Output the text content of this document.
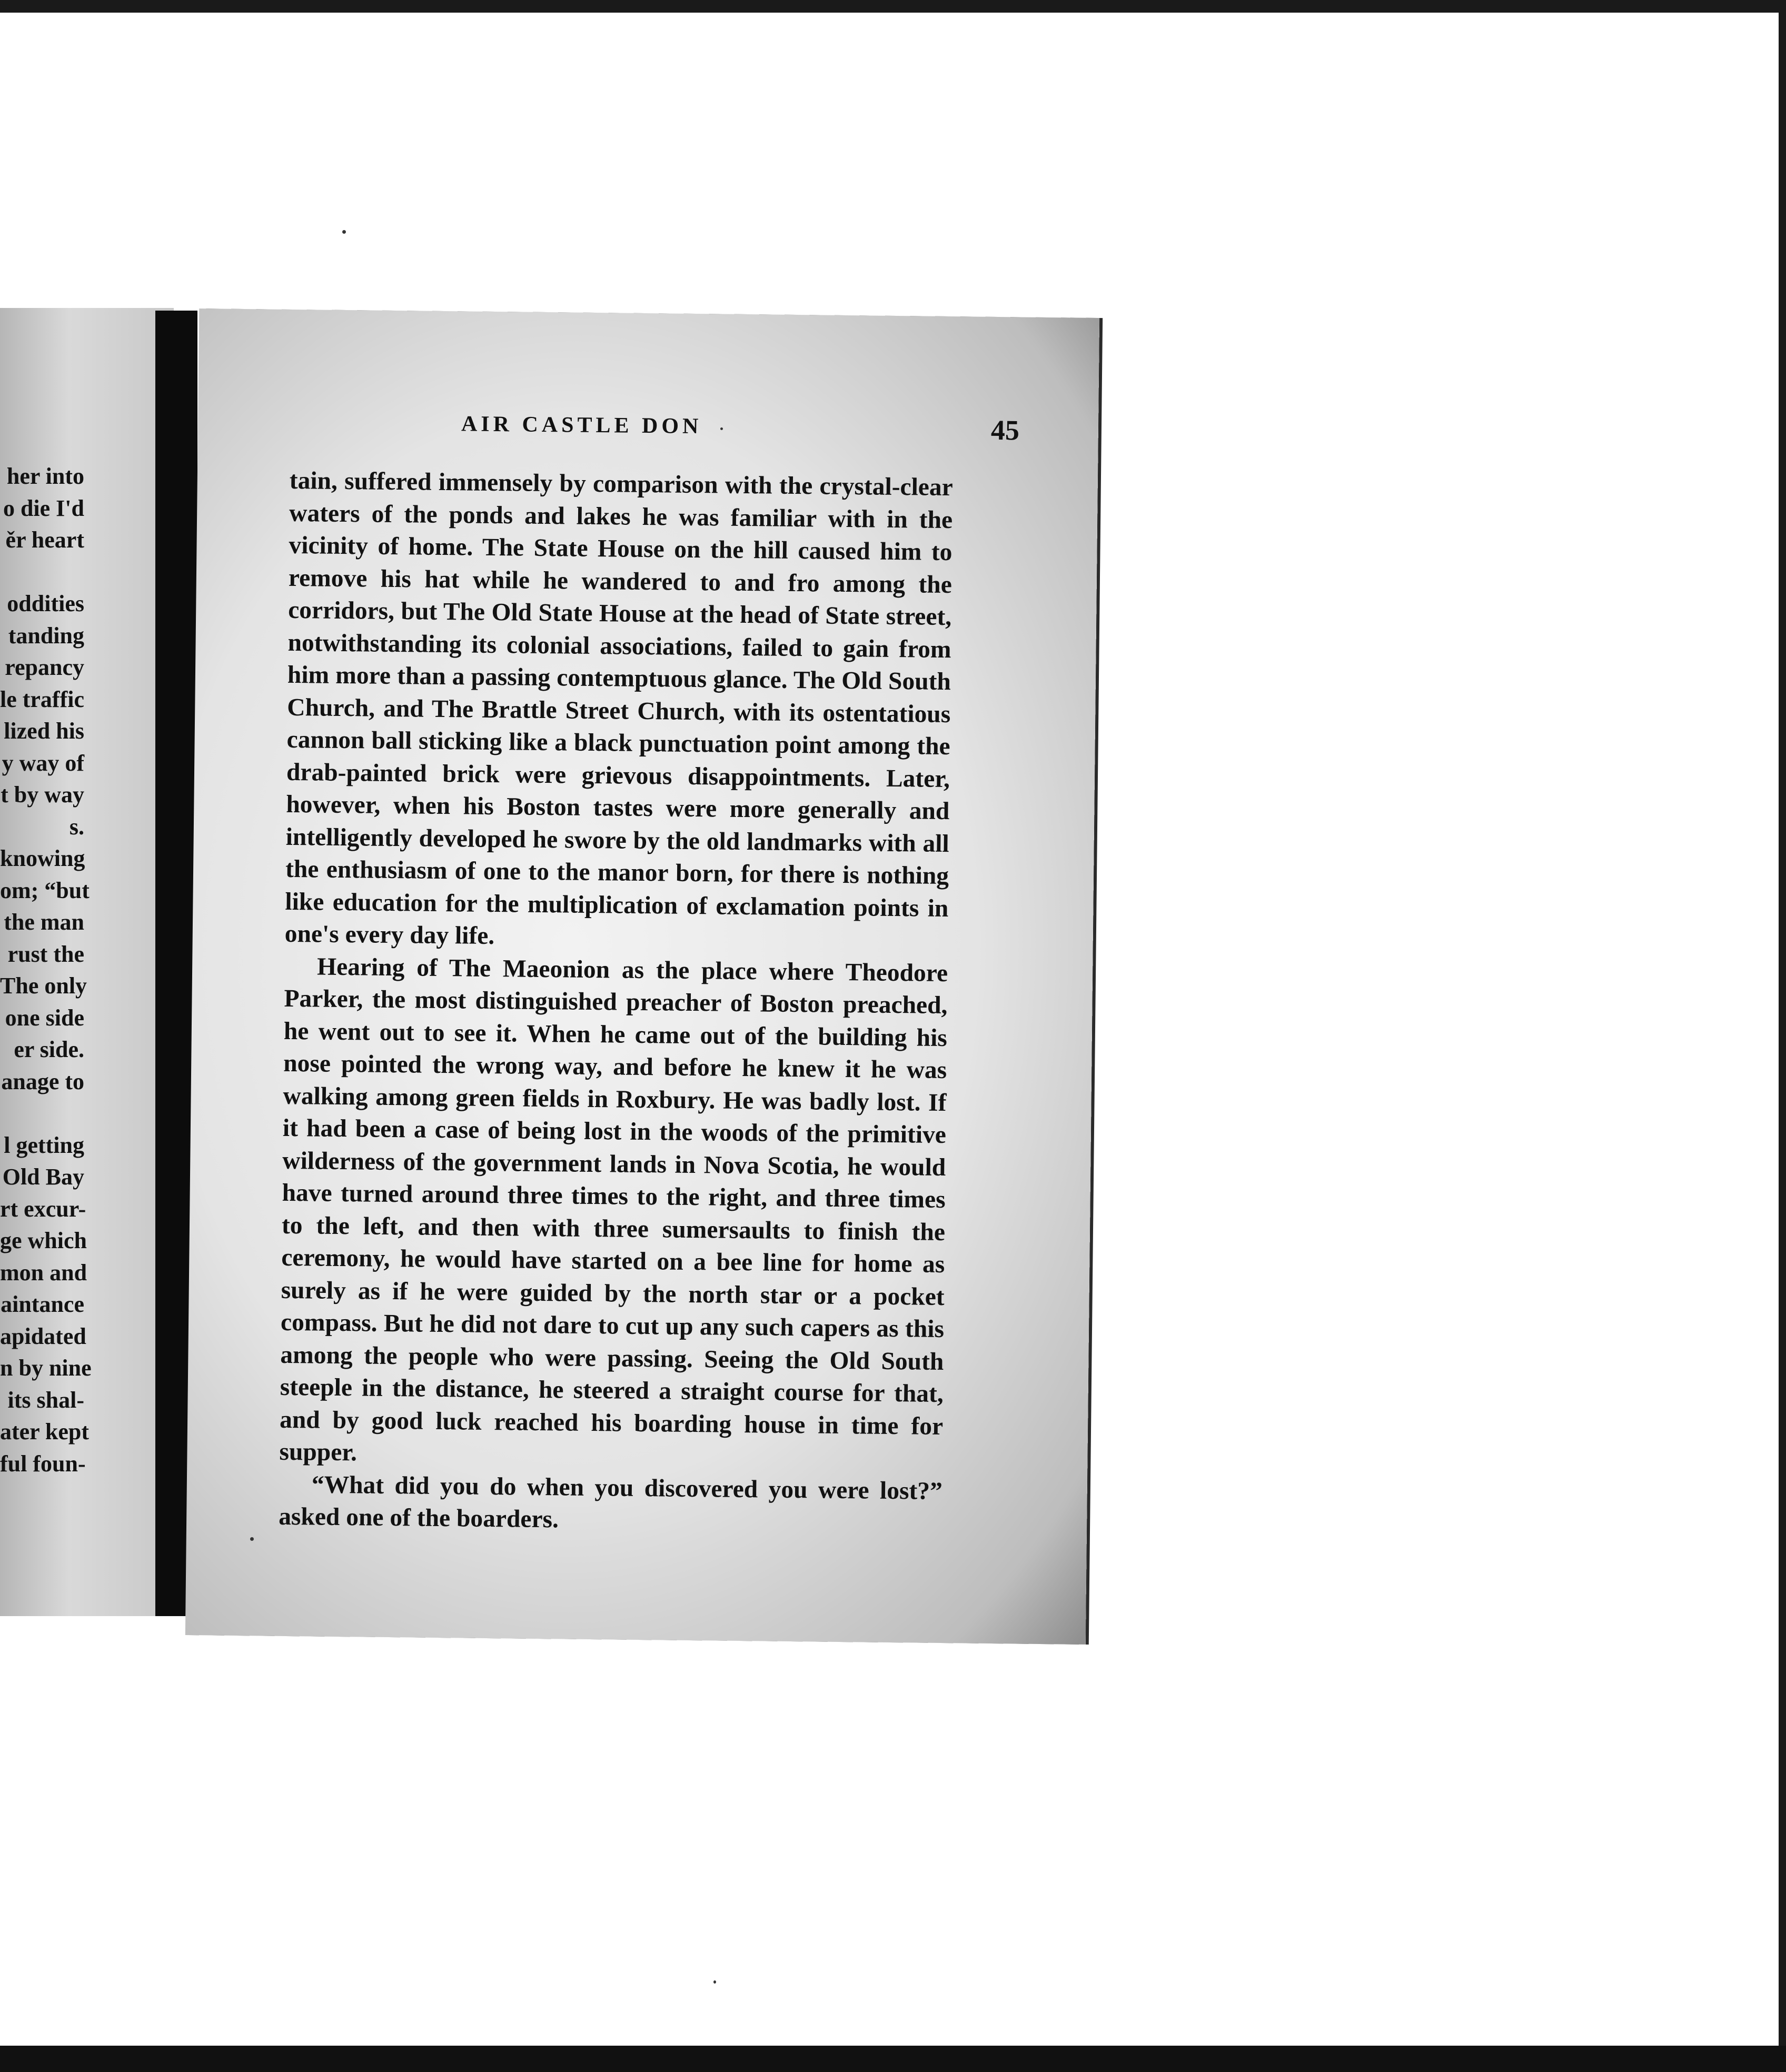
her into
o die I'd
ěr heart
oddities
tanding
repancy
le traffic
lized his
y way of
t by way
s.
knowing
om; “but
the man
rust the
The only
one side
er side.
anage to
l getting
Old Bay
rt excur-
ge which
mon and
aintance
apidated
n by nine
its shal-
ater kept
ful foun-
AIR CASTLE DON	45

tain, suffered immensely by comparison with the crystal-clear waters of the ponds and lakes he was familiar with in the vicinity of home. The State House on the hill caused him to remove his hat while he wandered to and fro among the corridors, but The Old State House at the head of State street, notwithstanding its colonial associations, failed to gain from him more than a passing contemptuous glance. The Old South Church, and The Brattle Street Church, with its ostentatious cannon ball sticking like a black punctuation point among the drab-painted brick were grievous disappointments. Later, however, when his Boston tastes were more generally and intelligently developed he swore by the old landmarks with all the enthusiasm of one to the manor born, for there is nothing like education for the multiplication of exclamation points in one's every day life.

Hearing of The Maeonion as the place where Theodore Parker, the most distinguished preacher of Boston preached, he went out to see it. When he came out of the building his nose pointed the wrong way, and before he knew it he was walking among green fields in Roxbury. He was badly lost. If it had been a case of being lost in the woods of the primitive wilderness of the government lands in Nova Scotia, he would have turned around three times to the right, and three times to the left, and then with three sumersaults to finish the ceremony, he would have started on a bee line for home as surely as if he were guided by the north star or a pocket compass. But he did not dare to cut up any such capers as this among the people who were passing. Seeing the Old South steeple in the distance, he steered a straight course for that, and by good luck reached his boarding house in time for supper.

“What did you do when you discovered you were lost?” asked one of the boarders.
